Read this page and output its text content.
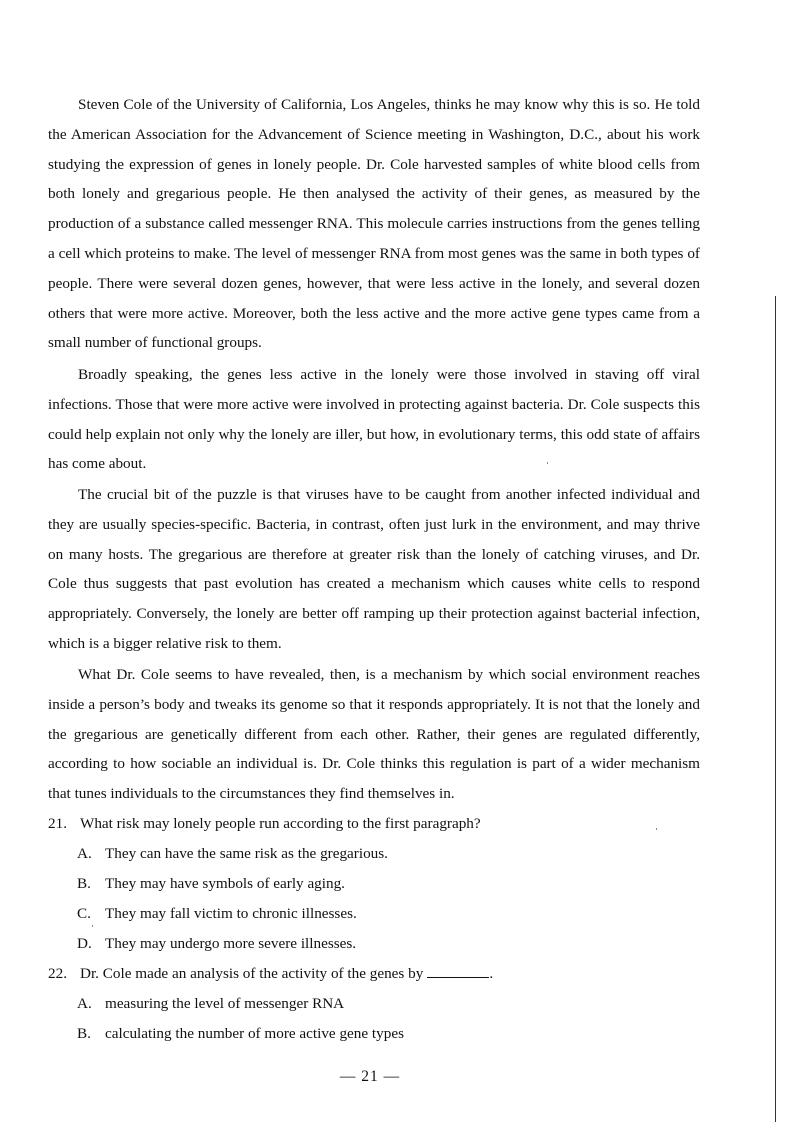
Steven Cole of the University of California, Los Angeles, thinks he may know why this is so. He told the American Association for the Advancement of Science meeting in Washington, D.C., about his work studying the expression of genes in lonely people. Dr. Cole harvested samples of white blood cells from both lonely and gregarious people. He then analysed the activity of their genes, as measured by the production of a substance called messenger RNA. This molecule carries instructions from the genes telling a cell which proteins to make. The level of messenger RNA from most genes was the same in both types of people. There were several dozen genes, however, that were less active in the lonely, and several dozen others that were more active. Moreover, both the less active and the more active gene types came from a small number of functional groups.

Broadly speaking, the genes less active in the lonely were those involved in staving off viral infections. Those that were more active were involved in protecting against bacteria. Dr. Cole suspects this could help explain not only why the lonely are iller, but how, in evolutionary terms, this odd state of affairs has come about.

The crucial bit of the puzzle is that viruses have to be caught from another infected individual and they are usually species-specific. Bacteria, in contrast, often just lurk in the environment, and may thrive on many hosts. The gregarious are therefore at greater risk than the lonely of catching viruses, and Dr. Cole thus suggests that past evolution has created a mechanism which causes white cells to respond appropriately. Conversely, the lonely are better off ramping up their protection against bacterial infection, which is a bigger relative risk to them.

What Dr. Cole seems to have revealed, then, is a mechanism by which social environment reaches inside a person’s body and tweaks its genome so that it responds appropriately. It is not that the lonely and the gregarious are genetically different from each other. Rather, their genes are regulated differently, according to how sociable an individual is. Dr. Cole thinks this regulation is part of a wider mechanism that tunes individuals to the circumstances they find themselves in.

21. What risk may lonely people run according to the first paragraph?
A. They can have the same risk as the gregarious.
B. They may have symbols of early aging.
C. They may fall victim to chronic illnesses.
D. They may undergo more severe illnesses.
22. Dr. Cole made an analysis of the activity of the genes by	.
A. measuring the level of messenger RNA
B. calculating the number of more active gene types
— 21 —
